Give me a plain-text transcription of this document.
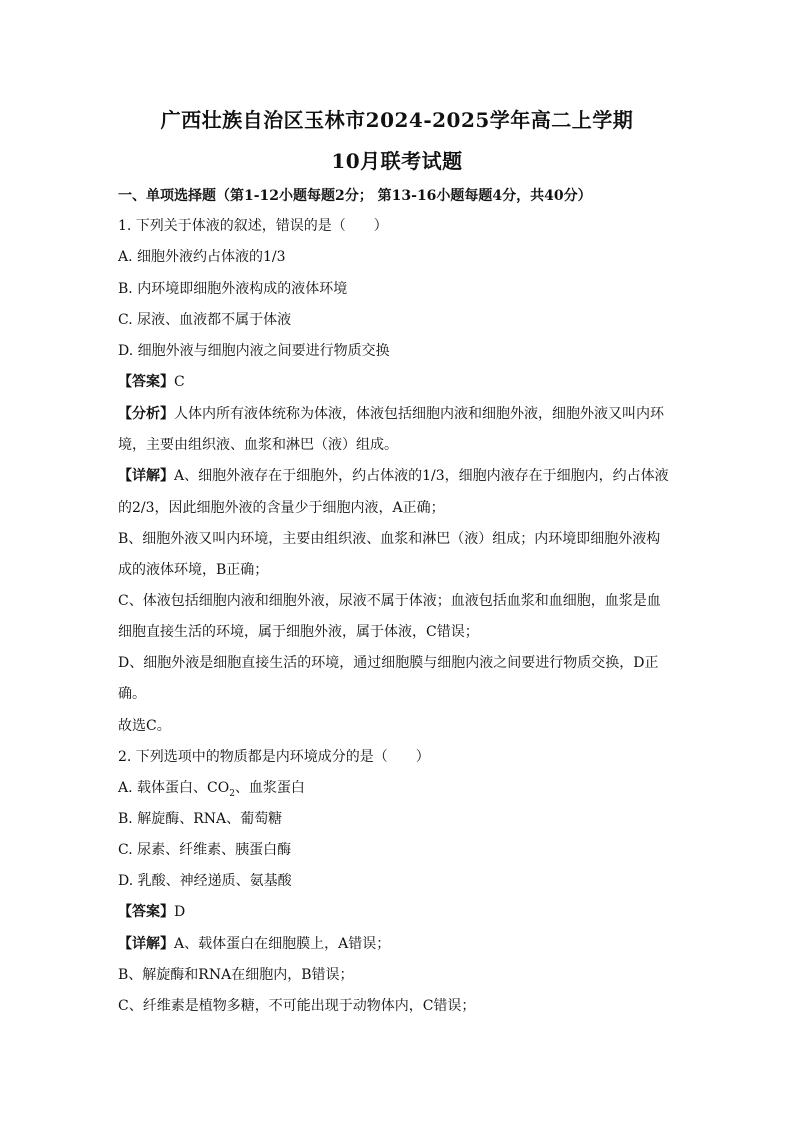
广西壮族自治区玉林市2024-2025学年高二上学期
10月联考试题
一、单项选择题（第1-12小题每题2分； 第13-16小题每题4分，共40分）
1. 下列关于体液的叙述，错误的是（　　）
A. 细胞外液约占体液的1/3
B. 内环境即细胞外液构成的液体环境
C. 尿液、血液都不属于体液
D. 细胞外液与细胞内液之间要进行物质交换
【答案】C
【分析】人体内所有液体统称为体液，体液包括细胞内液和细胞外液，细胞外液又叫内环
境，主要由组织液、血浆和淋巴（液）组成。
【详解】A、细胞外液存在于细胞外，约占体液的1/3，细胞内液存在于细胞内，约占体液
的2/3，因此细胞外液的含量少于细胞内液，A正确；
B、细胞外液又叫内环境，主要由组织液、血浆和淋巴（液）组成；内环境即细胞外液构
成的液体环境，B正确；
C、体液包括细胞内液和细胞外液，尿液不属于体液；血液包括血浆和血细胞，血浆是血
细胞直接生活的环境，属于细胞外液，属于体液，C错误；
D、细胞外液是细胞直接生活的环境，通过细胞膜与细胞内液之间要进行物质交换，D正
确。
故选C。
2. 下列选项中的物质都是内环境成分的是（　　）
A. 载体蛋白、$CO_2$、血浆蛋白
B. 解旋酶、RNA、葡萄糖
C. 尿素、纤维素、胰蛋白酶
D. 乳酸、神经递质、氨基酸
【答案】D
【详解】A、载体蛋白在细胞膜上，A错误；
B、解旋酶和RNA在细胞内，B错误；
C、纤维素是植物多糖，不可能出现于动物体内，C错误；
